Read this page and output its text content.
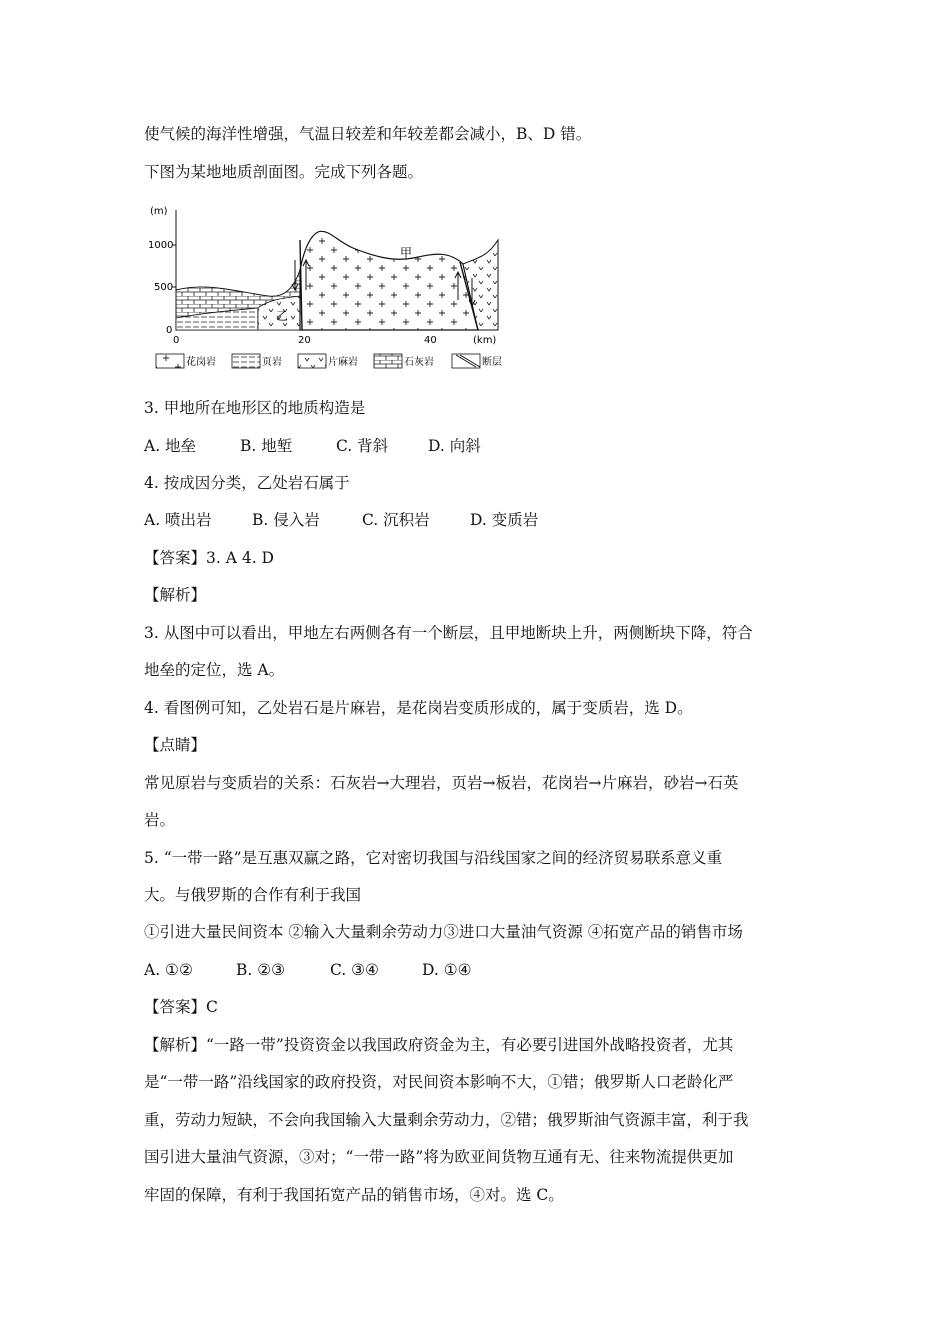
使气候的海洋性增强，气温日较差和年较差都会减小，B、D 错。
下图为某地地质剖面图。完成下列各题。
(m)
1000
500
0
0	20	40	(km)
甲
乙
花岗岩	页岩	片麻岩	石灰岩	断层
3. 甲地所在地形区的地质构造是
A. 地垒	B. 地堑	C. 背斜	D. 向斜
4. 按成因分类，乙处岩石属于
A. 喷出岩	B. 侵入岩	C. 沉积岩	D. 变质岩
【答案】3. A 4. D
【解析】
3. 从图中可以看出，甲地左右两侧各有一个断层，且甲地断块上升，两侧断块下降，符合
地垒的定位，选 A。
4. 看图例可知，乙处岩石是片麻岩，是花岗岩变质形成的，属于变质岩，选 D。
【点睛】
常见原岩与变质岩的关系：石灰岩→大理岩，页岩→板岩，花岗岩→片麻岩，砂岩→石英
岩。
5. “一带一路”是互惠双赢之路，它对密切我国与沿线国家之间的经济贸易联系意义重
大。与俄罗斯的合作有利于我国
①引进大量民间资本 ②输入大量剩余劳动力③进口大量油气资源 ④拓宽产品的销售市场
A. ①②	B. ②③	C. ③④	D. ①④
【答案】C
【解析】“一路一带”投资资金以我国政府资金为主，有必要引进国外战略投资者，尤其
是“一带一路”沿线国家的政府投资，对民间资本影响不大，①错；俄罗斯人口老龄化严
重，劳动力短缺，不会向我国输入大量剩余劳动力，②错；俄罗斯油气资源丰富，利于我
国引进大量油气资源，③对；“一带一路”将为欧亚间货物互通有无、往来物流提供更加
牢固的保障，有利于我国拓宽产品的销售市场，④对。选 C。
